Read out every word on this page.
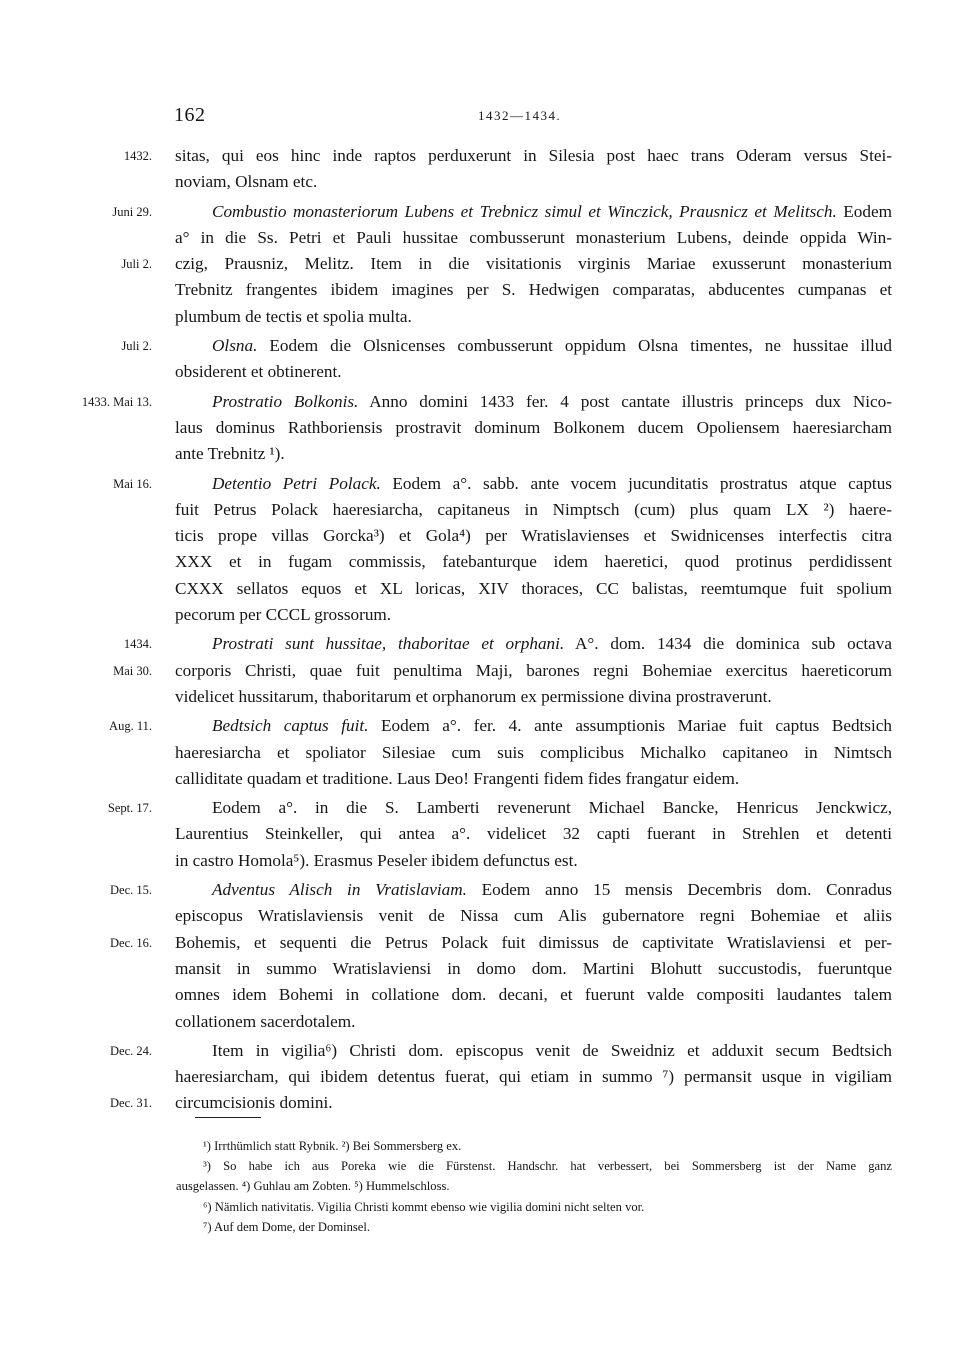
162	1432—1434.
1432. sitas, qui eos hinc inde raptos perduxerunt in Silesia post haec trans Oderam versus Stei-
noviam, Olsnam etc.
Juni 29.	Combustio monasteriorum Lubens et Trebnicz simul et Winczick, Prausnicz et Melitsch. Eodem
a° in die Ss. Petri et Pauli hussitae combusserunt monasterium Lubens, deinde oppida Win-
Juli 2. czig, Prausniz, Melitz. Item in die visitationis virginis Mariae exusserunt monasterium
Trebnitz frangentes ibidem imagines per S. Hedwigen comparatas, abducentes cumpanas et
plumbum de tectis et spolia multa.
Juli 2.	Olsna. Eodem die Olsnicenses combusserunt oppidum Olsna timentes, ne hussitae illud
obsiderent et obtinerent.
1433. Mai 13.	Prostratio Bolkonis. Anno domini 1433 fer. 4 post cantate illustris princeps dux Nico-
laus dominus Rathboriensis prostravit dominum Bolkonem ducem Opoliensem haeresiarcham
ante Trebnitz ¹).
Mai 16.	Detentio Petri Polack. Eodem a°. sabb. ante vocem jucunditatis prostratus atque captus
fuit Petrus Polack haeresiarcha, capitaneus in Nimptsch (cum) plus quam LX ²) haere-
ticis prope villas Gorcka³) et Gola⁴) per Wratislavienses et Swidnicenses interfectis citra
XXX et in fugam commissis, fatebanturque idem haeretici, quod protinus perdidissent
CXXX sellatos equos et XL loricas, XIV thoraces, CC balistas, reemtumque fuit spolium
pecorum per CCCL grossorum.
1434.	Prostrati sunt hussitae, thaboritae et orphani. A°. dom. 1434 die dominica sub octava
Mai 30. corporis Christi, quae fuit penultima Maji, barones regni Bohemiae exercitus haereticorum
videlicet hussitarum, thaboritarum et orphanorum ex permissione divina prostraverunt.
Aug. 11.	Bedtsich captus fuit. Eodem a°. fer. 4. ante assumptionis Mariae fuit captus Bedtsich
haeresiarcha et spoliator Silesiae cum suis complicibus Michalko capitaneo in Nimtsch
calliditate quadam et traditione. Laus Deo! Frangenti fidem fides frangatur eidem.
Sept. 17.	Eodem a°. in die S. Lamberti revenerunt Michael Bancke, Henricus Jenckwicz,
Laurentius Steinkeller, qui antea a°. videlicet 32 capti fuerant in Strehlen et detenti
in castro Homola⁵). Erasmus Peseler ibidem defunctus est.
Dec. 15.	Adventus Alisch in Vratislaviam. Eodem anno 15 mensis Decembris dom. Conradus
episcopus Wratislaviensis venit de Nissa cum Alis gubernatore regni Bohemiae et aliis
Dec. 16. Bohemis, et sequenti die Petrus Polack fuit dimissus de captivitate Wratislaviensi et per-
mansit in summo Wratislaviensi in domo dom. Martini Blohutt succustodis, fueruntque
omnes idem Bohemi in collatione dom. decani, et fuerunt valde compositi laudantes talem
collationem sacerdotalem.
Dec. 24.	Item in vigilia⁶) Christi dom. episcopus venit de Sweidniz et adduxit secum Bedtsich
haeresiarcham, qui ibidem detentus fuerat, qui etiam in summo ⁷) permansit usque in vigiliam
Dec. 31. circumcisionis domini.
¹) Irrthümlich statt Rybnik. ²) Bei Sommersberg ex.
³) So habe ich aus Poreka wie die Fürstenst. Handschr. hat verbessert, bei Sommersberg ist der Name ganz
ausgelassen. ⁴) Guhlau am Zobten. ⁵) Hummelschloss.
⁶) Nämlich nativitatis. Vigilia Christi kommt ebenso wie vigilia domini nicht selten vor.
⁷) Auf dem Dome, der Dominsel.
